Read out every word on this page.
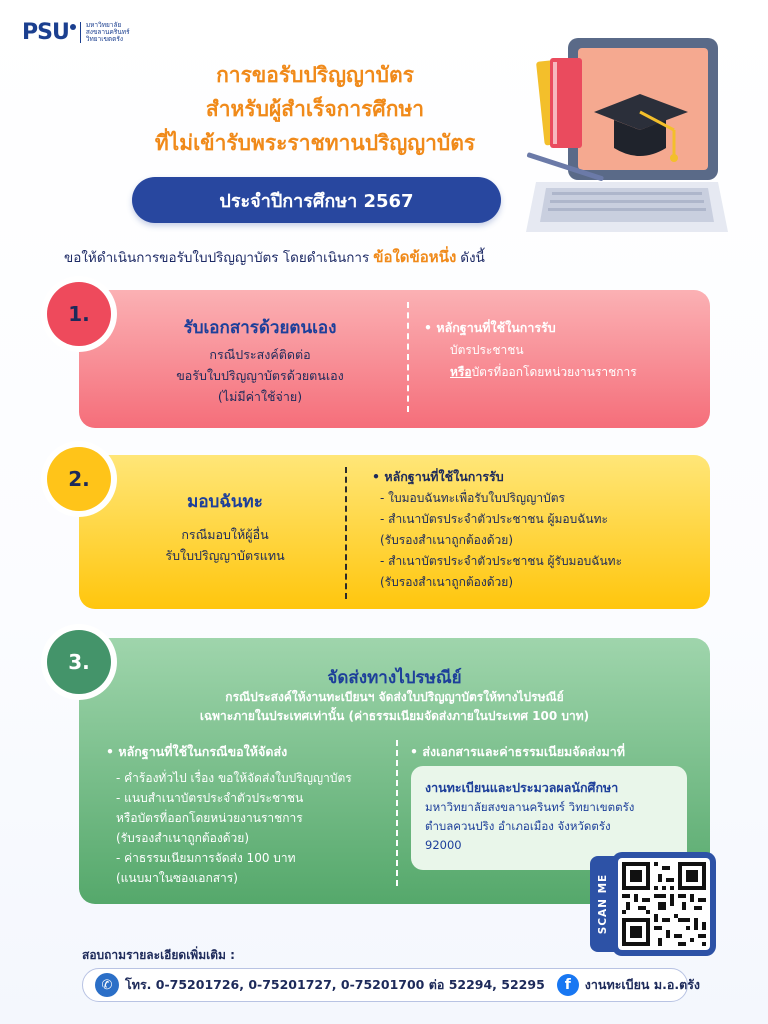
PSU	มหาวิทยาลัย
สงขลานครินทร์
วิทยาเขตตรัง
การขอรับปริญญาบัตร
สำหรับผู้สำเร็จการศึกษา
ที่ไม่เข้ารับพระราชทานปริญญาบัตร
ประจำปีการศึกษา 2567
ขอให้ดำเนินการขอรับใบปริญญาบัตร โดยดำเนินการ ข้อใดข้อหนึ่ง ดังนี้
1.
รับเอกสารด้วยตนเอง
กรณีประสงค์ติดต่อ
ขอรับใบปริญญาบัตรด้วยตนเอง
(ไม่มีค่าใช้จ่าย)
• หลักฐานที่ใช้ในการรับ
บัตรประชาชน
หรือบัตรที่ออกโดยหน่วยงานราชการ
2.
มอบฉันทะ
กรณีมอบให้ผู้อื่น
รับใบปริญญาบัตรแทน
• หลักฐานที่ใช้ในการรับ
- ใบมอบฉันทะเพื่อรับใบปริญญาบัตร
- สำเนาบัตรประจำตัวประชาชน ผู้มอบฉันทะ
(รับรองสำเนาถูกต้องด้วย)
- สำเนาบัตรประจำตัวประชาชน ผู้รับมอบฉันทะ
(รับรองสำเนาถูกต้องด้วย)
3.
จัดส่งทางไปรษณีย์
กรณีประสงค์ให้งานทะเบียนฯ จัดส่งใบปริญญาบัตรให้ทางไปรษณีย์
เฉพาะภายในประเทศเท่านั้น (ค่าธรรมเนียมจัดส่งภายในประเทศ 100 บาท)
• หลักฐานที่ใช้ในกรณีขอให้จัดส่ง
- คำร้องทั่วไป เรื่อง ขอให้จัดส่งใบปริญญาบัตร
- แนบสำเนาบัตรประจำตัวประชาชน
หรือบัตรที่ออกโดยหน่วยงานราชการ
(รับรองสำเนาถูกต้องด้วย)
- ค่าธรรมเนียมการจัดส่ง 100 บาท
(แนบมาในซองเอกสาร)
• ส่งเอกสารและค่าธรรมเนียมจัดส่งมาที่
งานทะเบียนและประมวลผลนักศึกษา
มหาวิทยาลัยสงขลานครินทร์ วิทยาเขตตรัง
ตำบลควนปริง อำเภอเมือง จังหวัดตรัง
92000
SCAN ME
สอบถามรายละเอียดเพิ่มเติม :
✆	โทร. 0-75201726, 0-75201727, 0-75201700 ต่อ 52294, 52295	f	งานทะเบียน ม.อ.ตรัง
